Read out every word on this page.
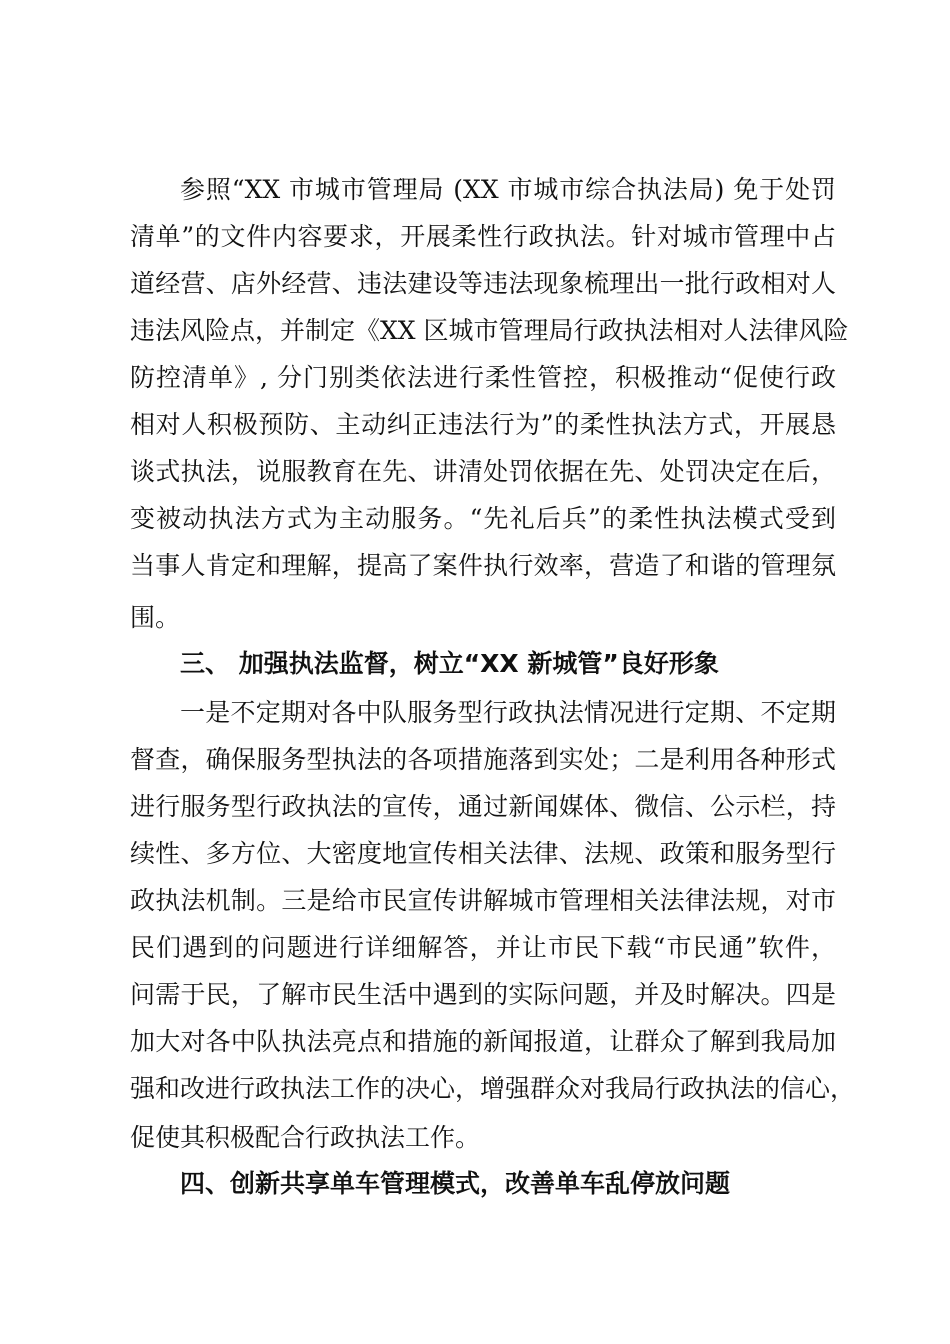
参照“XX 市城市管理局 (XX 市城市综合执法局) 免于处罚
清单”的文件内容要求，开展柔性行政执法。针对城市管理中占
道经营、店外经营、违法建设等违法现象梳理出一批行政相对人
违法风险点，并制定《XX 区城市管理局行政执法相对人法律风险
防控清单》, 分门别类依法进行柔性管控，积极推动“促使行政
相对人积极预防、主动纠正违法行为”的柔性执法方式，开展恳
谈式执法，说服教育在先、讲清处罚依据在先、处罚决定在后，
变被动执法方式为主动服务。“先礼后兵”的柔性执法模式受到
当事人肯定和理解，提高了案件执行效率，营造了和谐的管理氛
围。
三、 加强执法监督，树立“XX 新城管”良好形象
一是不定期对各中队服务型行政执法情况进行定期、不定期
督查，确保服务型执法的各项措施落到实处；二是利用各种形式
进行服务型行政执法的宣传，通过新闻媒体、微信、公示栏，持
续性、多方位、大密度地宣传相关法律、法规、政策和服务型行
政执法机制。三是给市民宣传讲解城市管理相关法律法规，对市
民们遇到的问题进行详细解答，并让市民下载“市民通”软件，
问需于民，了解市民生活中遇到的实际问题，并及时解决。四是
加大对各中队执法亮点和措施的新闻报道，让群众了解到我局加
强和改进行政执法工作的决心，增强群众对我局行政执法的信心，
促使其积极配合行政执法工作。
四、创新共享单车管理模式，改善单车乱停放问题
